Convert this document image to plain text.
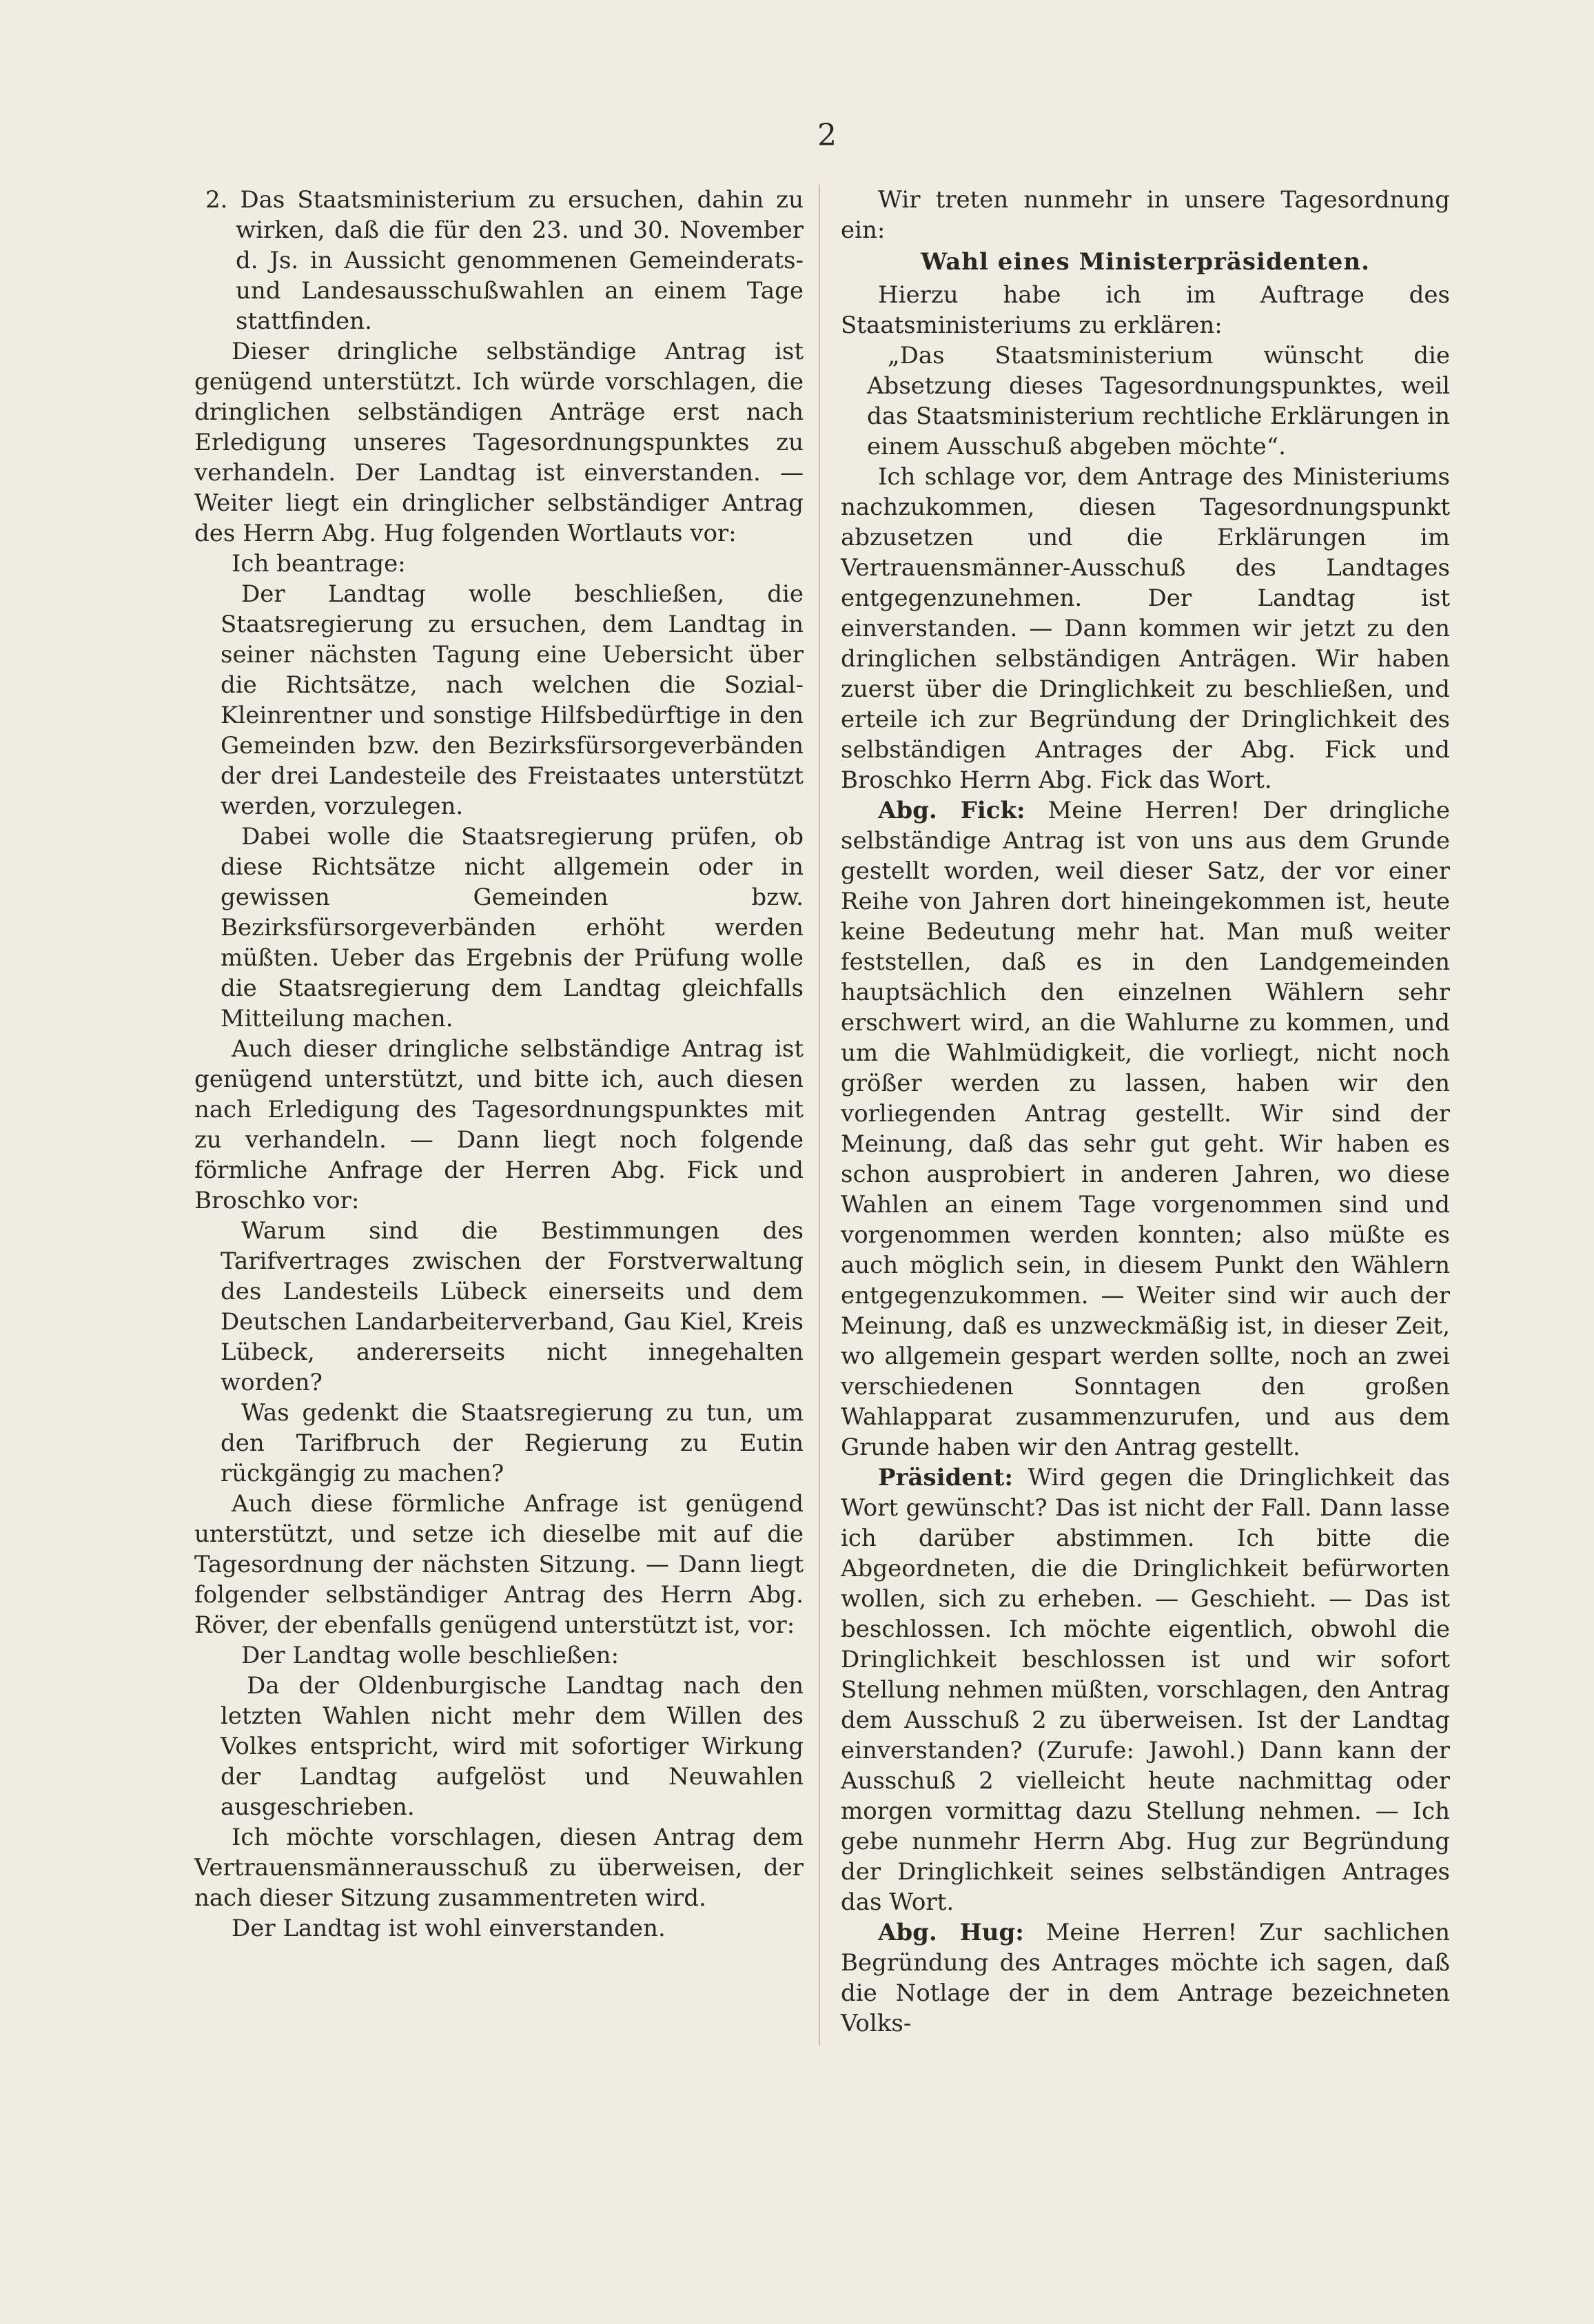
2

2. Das Staatsministerium zu ersuchen, dahin zu wirken, daß die für den 23. und 30. November d. Js. in Aussicht genommenen Gemeinderats- und Landesausschußwahlen an einem Tage stattfinden.

Dieser dringliche selbständige Antrag ist genügend unterstützt. Ich würde vorschlagen, die dringlichen selbständigen Anträge erst nach Erledigung unseres Tagesordnungspunktes zu verhandeln. Der Landtag ist einverstanden. — Weiter liegt ein dringlicher selbständiger Antrag des Herrn Abg. Hug folgenden Wortlauts vor:

Ich beantrage:

Der Landtag wolle beschließen, die Staatsregierung zu ersuchen, dem Landtag in seiner nächsten Tagung eine Uebersicht über die Richtsätze, nach welchen die Sozial-Kleinrentner und sonstige Hilfsbedürftige in den Gemeinden bzw. den Bezirksfürsorgeverbänden der drei Landesteile des Freistaates unterstützt werden, vorzulegen.

Dabei wolle die Staatsregierung prüfen, ob diese Richtsätze nicht allgemein oder in gewissen Gemeinden bzw. Bezirksfürsorgeverbänden erhöht werden müßten. Ueber das Ergebnis der Prüfung wolle die Staatsregierung dem Landtag gleichfalls Mitteilung machen.

Auch dieser dringliche selbständige Antrag ist genügend unterstützt, und bitte ich, auch diesen nach Erledigung des Tagesordnungspunktes mit zu verhandeln. — Dann liegt noch folgende förmliche Anfrage der Herren Abg. Fick und Broschko vor:

Warum sind die Bestimmungen des Tarifvertrages zwischen der Forstverwaltung des Landesteils Lübeck einerseits und dem Deutschen Landarbeiterverband, Gau Kiel, Kreis Lübeck, andererseits nicht innegehalten worden?

Was gedenkt die Staatsregierung zu tun, um den Tarifbruch der Regierung zu Eutin rückgängig zu machen?

Auch diese förmliche Anfrage ist genügend unterstützt, und setze ich dieselbe mit auf die Tagesordnung der nächsten Sitzung. — Dann liegt folgender selbständiger Antrag des Herrn Abg. Röver, der ebenfalls genügend unterstützt ist, vor:

Der Landtag wolle beschließen:

Da der Oldenburgische Landtag nach den letzten Wahlen nicht mehr dem Willen des Volkes entspricht, wird mit sofortiger Wirkung der Landtag aufgelöst und Neuwahlen ausgeschrieben.

Ich möchte vorschlagen, diesen Antrag dem Vertrauensmännerausschuß zu überweisen, der nach dieser Sitzung zusammentreten wird.

Der Landtag ist wohl einverstanden.

Wir treten nunmehr in unsere Tagesordnung ein:

Wahl eines Ministerpräsidenten.

Hierzu habe ich im Auftrage des Staatsministeriums zu erklären:

„Das Staatsministerium wünscht die Absetzung dieses Tagesordnungspunktes, weil das Staatsministerium rechtliche Erklärungen in einem Ausschuß abgeben möchte“.

Ich schlage vor, dem Antrage des Ministeriums nachzukommen, diesen Tagesordnungspunkt abzusetzen und die Erklärungen im Vertrauensmänner-Ausschuß des Landtages entgegenzunehmen. Der Landtag ist einverstanden. — Dann kommen wir jetzt zu den dringlichen selbständigen Anträgen. Wir haben zuerst über die Dringlichkeit zu beschließen, und erteile ich zur Begründung der Dringlichkeit des selbständigen Antrages der Abg. Fick und Broschko Herrn Abg. Fick das Wort.

Abg. Fick: Meine Herren! Der dringliche selbständige Antrag ist von uns aus dem Grunde gestellt worden, weil dieser Satz, der vor einer Reihe von Jahren dort hineingekommen ist, heute keine Bedeutung mehr hat. Man muß weiter feststellen, daß es in den Landgemeinden hauptsächlich den einzelnen Wählern sehr erschwert wird, an die Wahlurne zu kommen, und um die Wahlmüdigkeit, die vorliegt, nicht noch größer werden zu lassen, haben wir den vorliegenden Antrag gestellt. Wir sind der Meinung, daß das sehr gut geht. Wir haben es schon ausprobiert in anderen Jahren, wo diese Wahlen an einem Tage vorgenommen sind und vorgenommen werden konnten; also müßte es auch möglich sein, in diesem Punkt den Wählern entgegenzukommen. — Weiter sind wir auch der Meinung, daß es unzweckmäßig ist, in dieser Zeit, wo allgemein gespart werden sollte, noch an zwei verschiedenen Sonntagen den großen Wahlapparat zusammenzurufen, und aus dem Grunde haben wir den Antrag gestellt.

Präsident: Wird gegen die Dringlichkeit das Wort gewünscht? Das ist nicht der Fall. Dann lasse ich darüber abstimmen. Ich bitte die Abgeordneten, die die Dringlichkeit befürworten wollen, sich zu erheben. — Geschieht. — Das ist beschlossen. Ich möchte eigentlich, obwohl die Dringlichkeit beschlossen ist und wir sofort Stellung nehmen müßten, vorschlagen, den Antrag dem Ausschuß 2 zu überweisen. Ist der Landtag einverstanden? (Zurufe: Jawohl.) Dann kann der Ausschuß 2 vielleicht heute nachmittag oder morgen vormittag dazu Stellung nehmen. — Ich gebe nunmehr Herrn Abg. Hug zur Begründung der Dringlichkeit seines selbständigen Antrages das Wort.

Abg. Hug: Meine Herren! Zur sachlichen Begründung des Antrages möchte ich sagen, daß die Notlage der in dem Antrage bezeichneten Volks-
